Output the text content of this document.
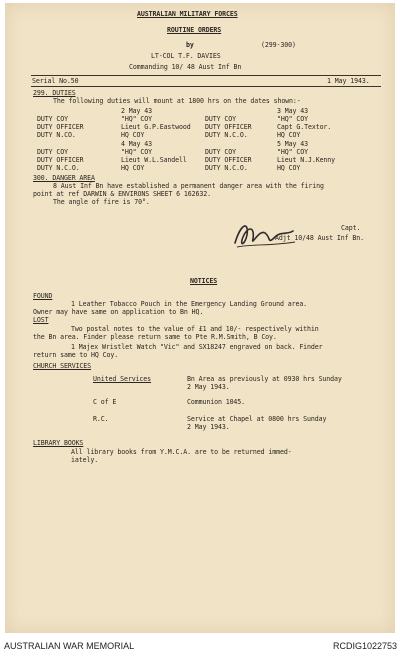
AUSTRALIAN MILITARY FORCES
ROUTINE ORDERS
by	(299-300)
LT-COL T.F. DAVIES
Commanding 10/ 48 Aust Inf Bn
Serial No.50	1 May 1943.
299. DUTIES
The following duties will mount at 1800 hrs on the dates shown:-
2 May 43
DUTY COY	"HQ" COY
DUTY OFFICER	Lieut G.P.Eastwood
DUTY N.CO.	HQ COY
3 May 43
DUTY COY	"HQ" COY
DUTY OFFICER	Capt G.Textor.
DUTY N.C.O.	HQ COY
4 May 43
DUTY COY	"HQ" COY
DUTY OFFICER	Lieut W.L.Sandell
DUTY N.C.O.	HQ COY
5 May 43
DUTY COY	"HQ" COY
DUTY OFFICER	Lieut N.J.Kenny
DUTY N.C.O.	HQ COY
300. DANGER AREA
8 Aust Inf Bn have established a permanent danger area with the firing
point at ref DARWIN & ENVIRONS SHEET 6 162632.
The angle of fire is 70°.
Capt.
Adjt 10/48 Aust Inf Bn.
NOTICES
FOUND
1 Leather Tobacco Pouch in the Emergency Landing Ground area.
Owner may have same on application to Bn HQ.
LOST
Two postal notes to the value of £1 and 10/- respectively within
the Bn area. Finder please return same to Pte R.M.Smith, B Coy.
1 Majex Wristlet Watch "Vic" and SX18247 engraved on back. Finder
return same to HQ Coy.
CHURCH SERVICES
United Services	Bn Area as previously at 0930 hrs Sunday
2 May 1943.
C of E	Communion 1045.
R.C.	Service at Chapel at 0800 hrs Sunday
2 May 1943.
LIBRARY BOOKS
All library books from Y.M.C.A. are to be returned immed-
iately.
AUSTRALIAN WAR MEMORIAL	RCDIG1022753
